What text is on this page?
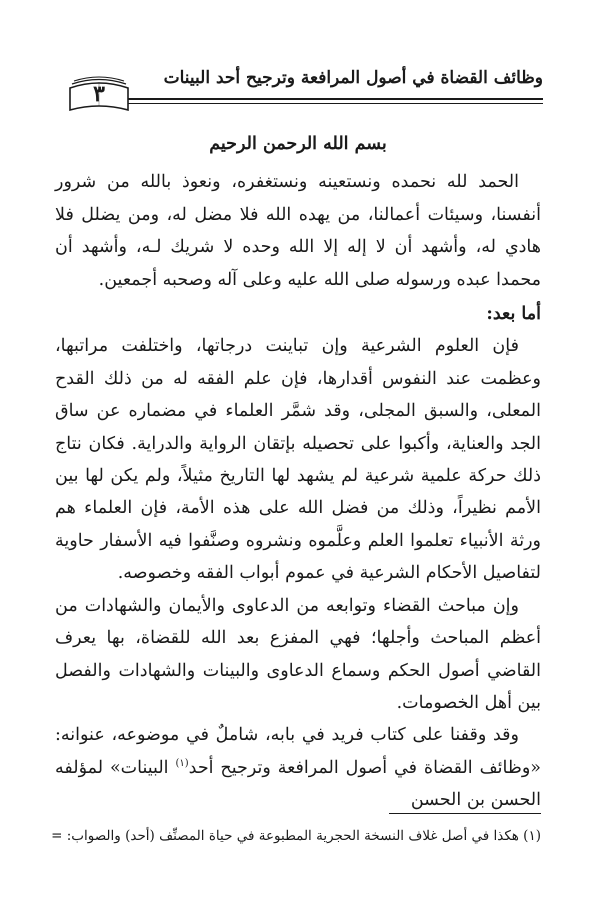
وظائف القضاة في أصول المرافعة وترجيح أحد البينات
٣

بسم الله الرحمن الرحيم

الحمد لله نحمده ونستعينه ونستغفره، ونعوذ بالله من شرور أنفسنا، وسيئات أعمالنا، من يهده الله فلا مضل له، ومن يضلل فلا هادي له، وأشهد أن لا إله إلا الله وحده لا شريك لـه، وأشهد أن محمدا عبده ورسوله صلى الله عليه وعلى آله وصحبه أجمعين.

أما بعد:

فإن العلوم الشرعية وإن تباينت درجاتها، واختلفت مراتبها، وعظمت عند النفوس أقدارها، فإن علم الفقه له من ذلك القدح المعلى، والسبق المجلى، وقد شمَّر العلماء في مضماره عن ساق الجد والعناية، وأكبوا على تحصيله بإتقان الرواية والدراية. فكان نتاج ذلك حركة علمية شرعية لم يشهد لها التاريخ مثيلاً، ولم يكن لها بين الأمم نظيراً، وذلك من فضل الله على هذه الأمة، فإن العلماء هم ورثة الأنبياء تعلموا العلم وعلَّموه ونشروه وصنَّفوا فيه الأسفار حاوية لتفاصيل الأحكام الشرعية في عموم أبواب الفقه وخصوصه.

وإن مباحث القضاء وتوابعه من الدعاوى والأيمان والشهادات من أعظم المباحث وأجلها؛ فهي المفزع بعد الله للقضاة، بها يعرف القاضي أصول الحكم وسماع الدعاوى والبينات والشهادات والفصل بين أهل الخصومات.

وقد وقفنا على كتاب فريد في بابه، شاملٌ في موضوعه، عنوانه: «وظائف القضاة في أصول المرافعة وترجيح أحد$^{(١)}$ البينات» لمؤلفه الحسن بن الحسن

(١) هكذا في أصل غلاف النسخة الحجرية المطبوعة في حياة المصنِّف (أحد) والصواب: =
